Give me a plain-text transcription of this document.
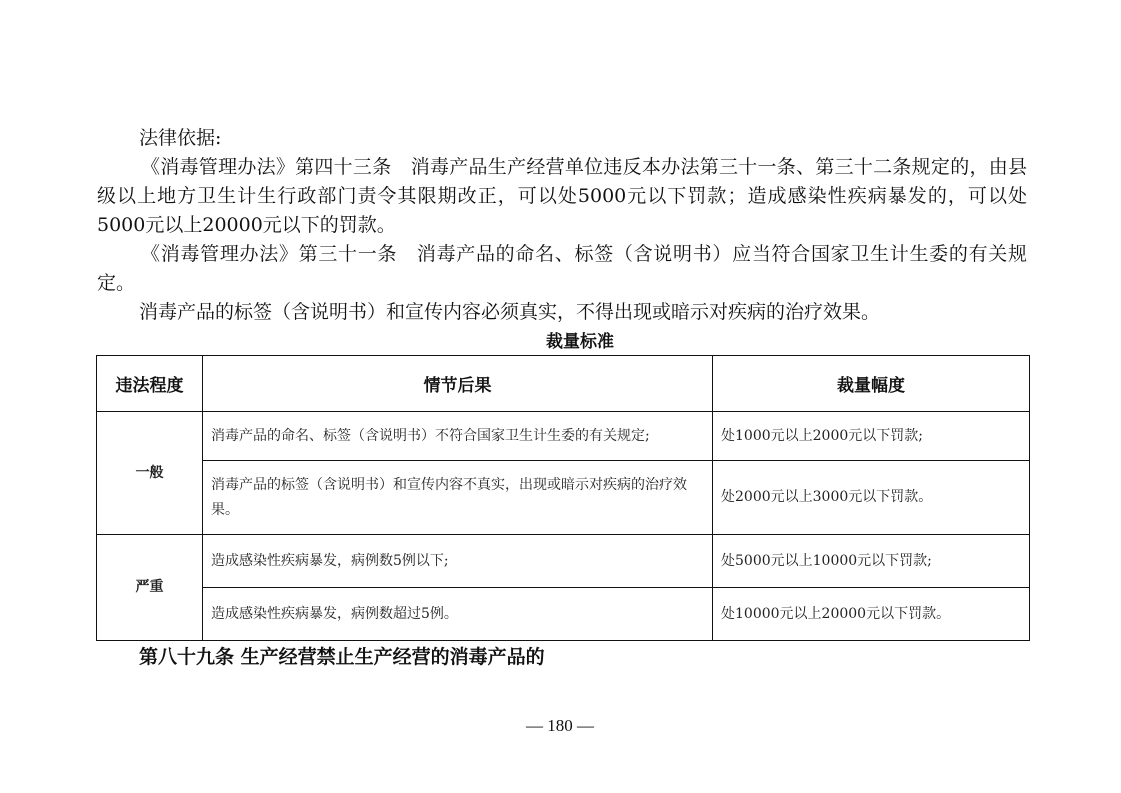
法律依据:

《消毒管理办法》第四十三条　消毒产品生产经营单位违反本办法第三十一条、第三十二条规定的，由县级以上地方卫生计生行政部门责令其限期改正，可以处5000元以下罚款；造成感染性疾病暴发的，可以处5000元以上20000元以下的罚款。

《消毒管理办法》第三十一条　消毒产品的命名、标签（含说明书）应当符合国家卫生计生委的有关规定。

消毒产品的标签（含说明书）和宣传内容必须真实，不得出现或暗示对疾病的治疗效果。

裁量标准
违法程度	情节后果	裁量幅度
一般	消毒产品的命名、标签（含说明书）不符合国家卫生计生委的有关规定;	处1000元以上2000元以下罚款;
	消毒产品的标签（含说明书）和宣传内容不真实，出现或暗示对疾病的治疗效果。	处2000元以上3000元以下罚款。
严重	造成感染性疾病暴发，病例数5例以下;	处5000元以上10000元以下罚款;
	造成感染性疾病暴发，病例数超过5例。	处10000元以上20000元以下罚款。
第八十九条 生产经营禁止生产经营的消毒产品的
— 180 —
